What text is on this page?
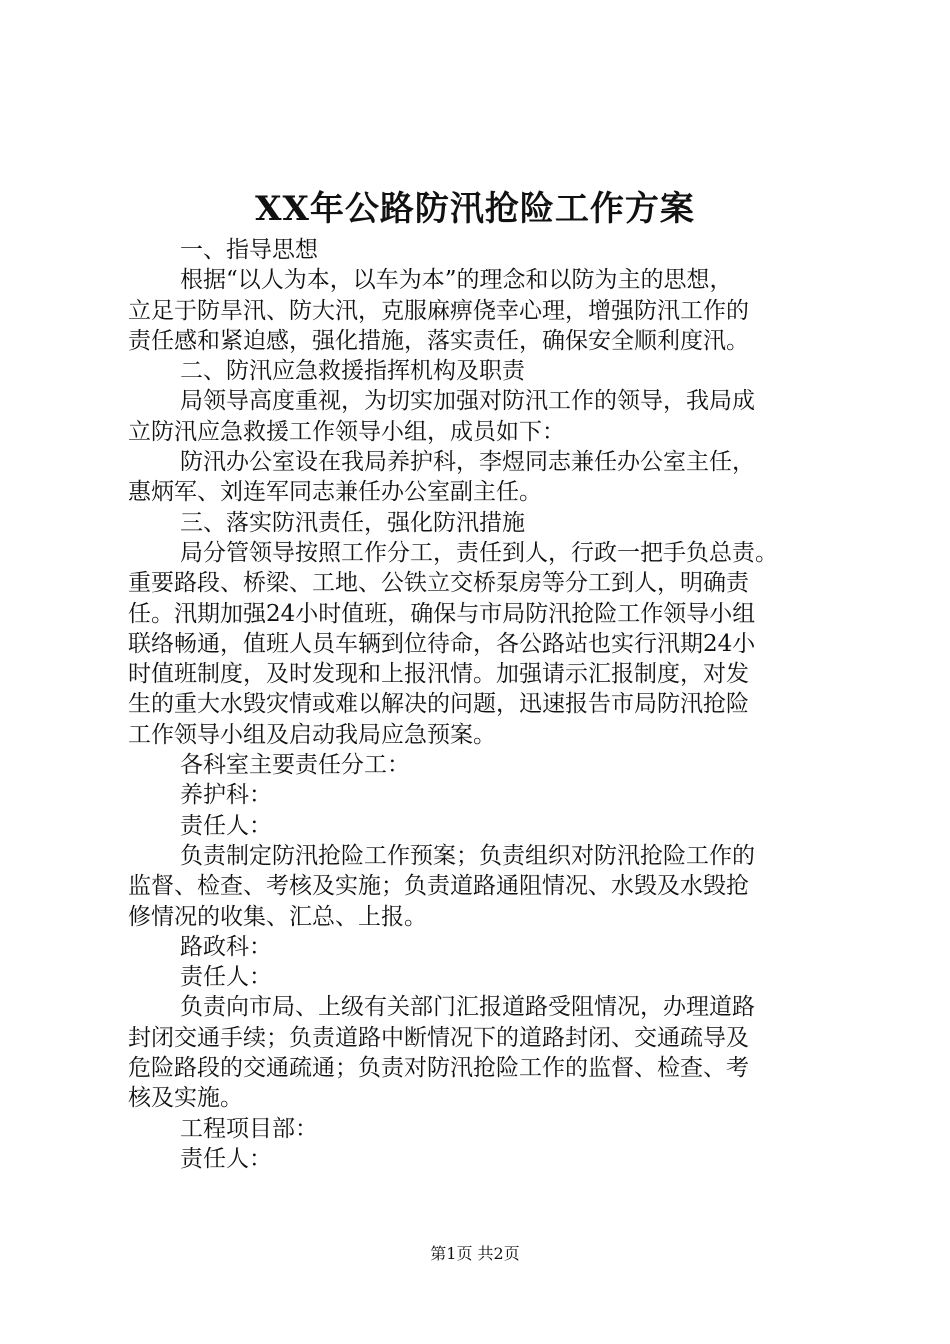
XX年公路防汛抢险工作方案
一、指导思想
根据“以人为本，以车为本”的理念和以防为主的思想，
立足于防旱汛、防大汛，克服麻痹侥幸心理，增强防汛工作的
责任感和紧迫感，强化措施，落实责任，确保安全顺利度汛。
二、防汛应急救援指挥机构及职责
局领导高度重视，为切实加强对防汛工作的领导，我局成
立防汛应急救援工作领导小组，成员如下：
防汛办公室设在我局养护科，李煜同志兼任办公室主任，
惠炳军、刘连军同志兼任办公室副主任。
三、落实防汛责任，强化防汛措施
局分管领导按照工作分工，责任到人，行政一把手负总责。
重要路段、桥梁、工地、公铁立交桥泵房等分工到人，明确责
任。汛期加强24小时值班，确保与市局防汛抢险工作领导小组
联络畅通，值班人员车辆到位待命，各公路站也实行汛期24小
时值班制度，及时发现和上报汛情。加强请示汇报制度，对发
生的重大水毁灾情或难以解决的问题，迅速报告市局防汛抢险
工作领导小组及启动我局应急预案。
各科室主要责任分工：
养护科：
责任人：
负责制定防汛抢险工作预案；负责组织对防汛抢险工作的
监督、检查、考核及实施；负责道路通阻情况、水毁及水毁抢
修情况的收集、汇总、上报。
路政科：
责任人：
负责向市局、上级有关部门汇报道路受阻情况，办理道路
封闭交通手续；负责道路中断情况下的道路封闭、交通疏导及
危险路段的交通疏通；负责对防汛抢险工作的监督、检查、考
核及实施。
工程项目部：
责任人：
第1页 共2页
